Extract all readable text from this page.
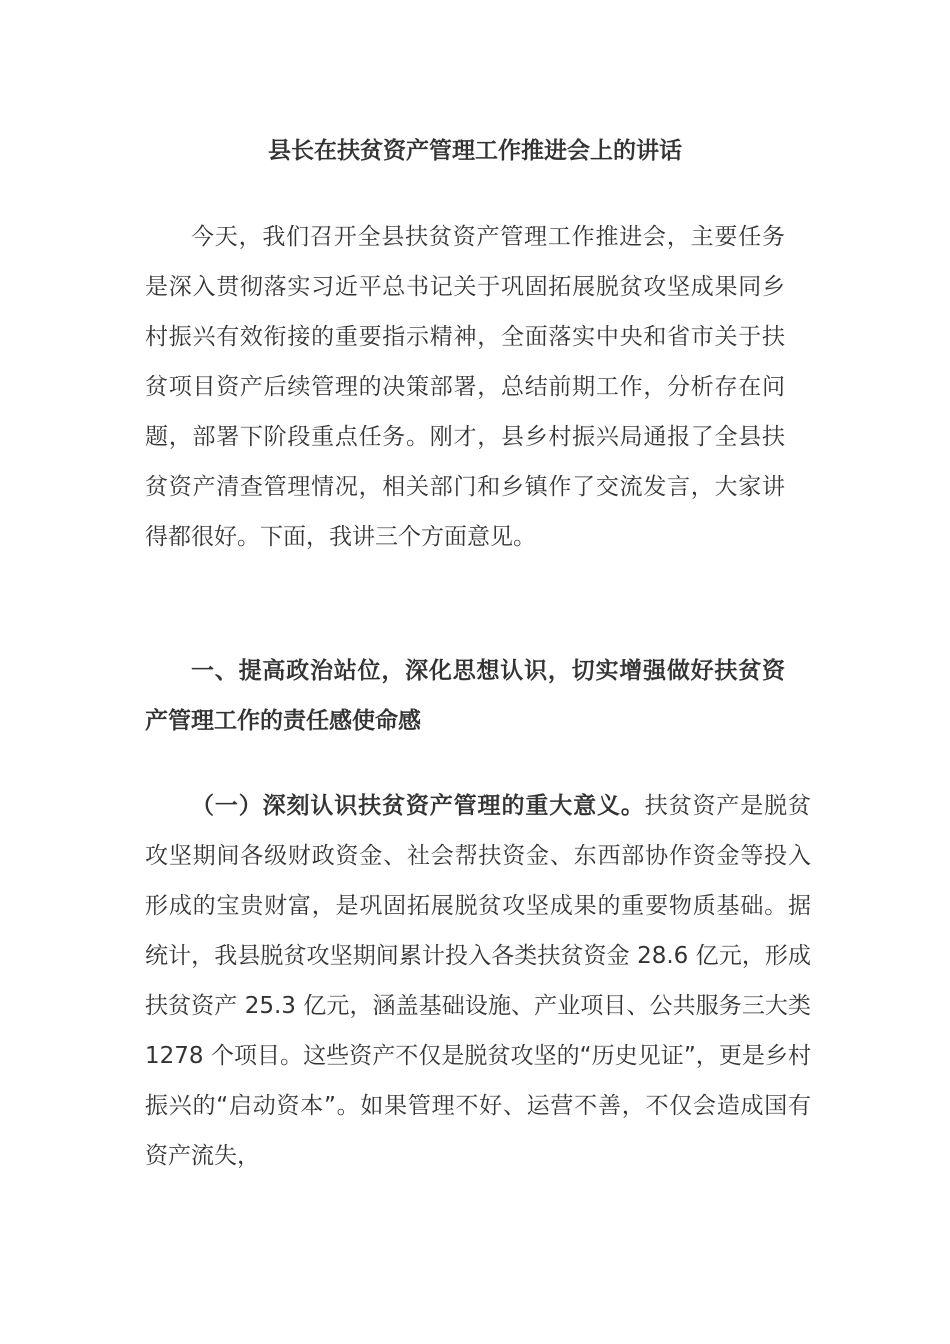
县长在扶贫资产管理工作推进会上的讲话

今天，我们召开全县扶贫资产管理工作推进会，主要任务是深入贯彻落实习近平总书记关于巩固拓展脱贫攻坚成果同乡村振兴有效衔接的重要指示精神，全面落实中央和省市关于扶贫项目资产后续管理的决策部署，总结前期工作，分析存在问题，部署下阶段重点任务。刚才，县乡村振兴局通报了全县扶贫资产清查管理情况，相关部门和乡镇作了交流发言，大家讲得都很好。下面，我讲三个方面意见。

一、提高政治站位，深化思想认识，切实增强做好扶贫资产管理工作的责任感使命感

（一）深刻认识扶贫资产管理的重大意义。扶贫资产是脱贫攻坚期间各级财政资金、社会帮扶资金、东西部协作资金等投入形成的宝贵财富，是巩固拓展脱贫攻坚成果的重要物质基础。据统计，我县脱贫攻坚期间累计投入各类扶贫资金 28.6 亿元，形成扶贫资产 25.3 亿元，涵盖基础设施、产业项目、公共服务三大类 1278 个项目。这些资产不仅是脱贫攻坚的“历史见证”，更是乡村振兴的“启动资本”。如果管理不好、运营不善，不仅会造成国有资产流失，
